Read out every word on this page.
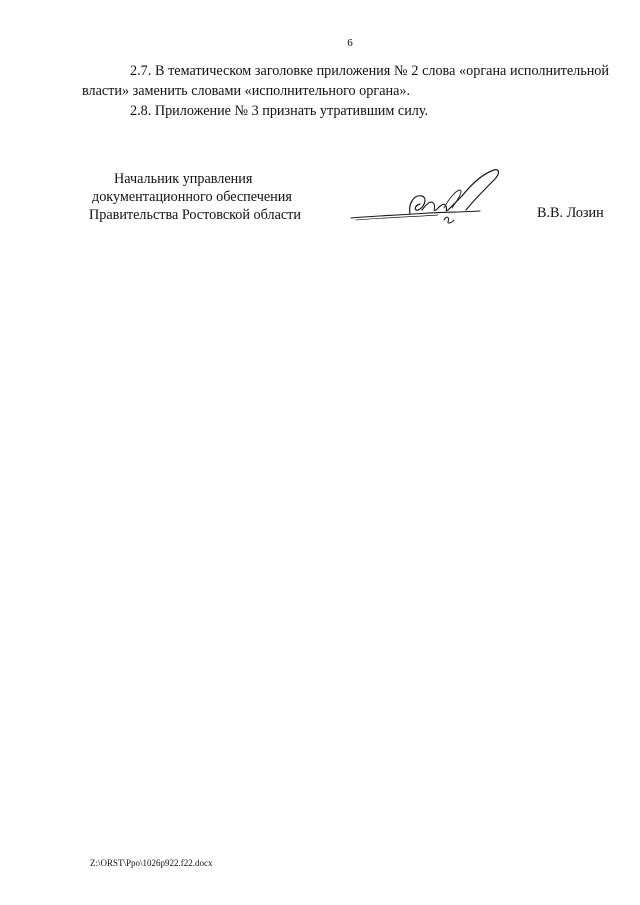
6

2.7. В тематическом заголовке приложения № 2 слова «органа исполнительной власти» заменить словами «исполнительного органа».

2.8. Приложение № 3 признать утратившим силу.

Начальник управления
документационного обеспечения
Правительства Ростовской области	В.В. Лозин
Z:\ORST\Ppo\1026p922.f22.docx
